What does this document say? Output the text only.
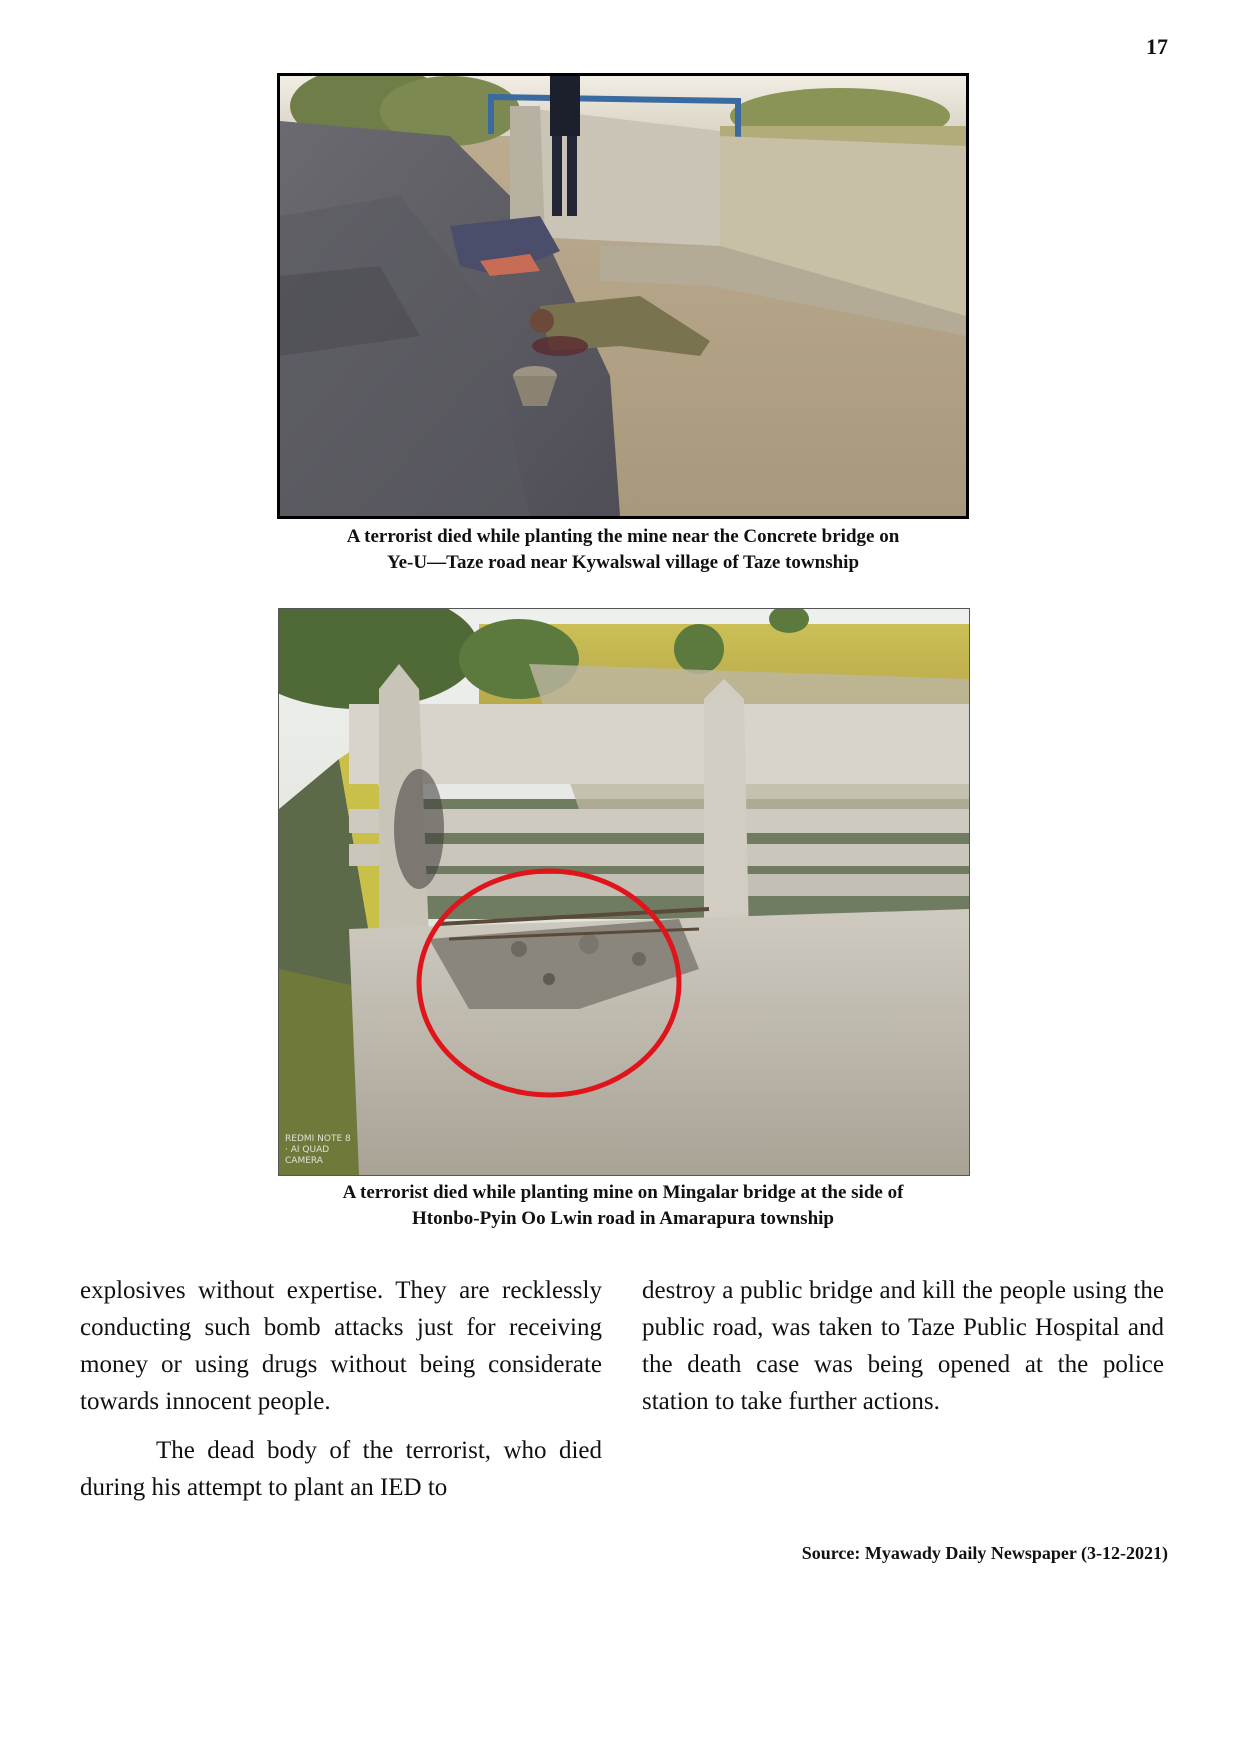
17
A terrorist died while planting the mine near the Concrete bridge on
Ye-U—Taze road near Kywalswal village of Taze township
REDMI NOTE 8 · AI QUAD CAMERA
A terrorist died while planting mine on Mingalar bridge at the side of
Htonbo-Pyin Oo Lwin road in Amarapura township

explosives without expertise. They are recklessly conducting such bomb attacks just for receiving money or using drugs without being considerate towards innocent people.

The dead body of the terrorist, who died during his attempt to plant an IED to

destroy a public bridge and kill the people using the public road, was taken to Taze Public Hospital and the death case was being opened at the police station to take further actions.

Source: Myawady Daily Newspaper (3-12-2021)
